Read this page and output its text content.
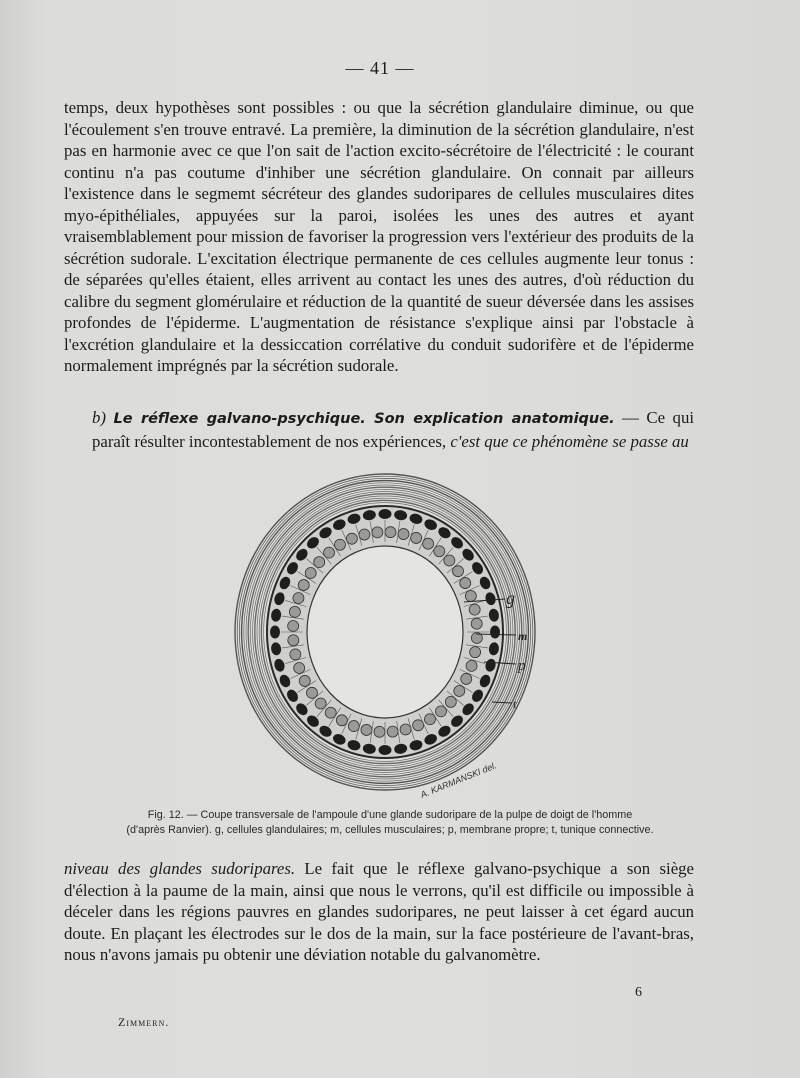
— 41 —

temps, deux hypothèses sont possibles : ou que la sécrétion glandulaire diminue, ou que l'écoulement s'en trouve entravé. La première, la diminution de la sécrétion glandulaire, n'est pas en harmonie avec ce que l'on sait de l'action excito-sécrétoire de l'électricité : le courant continu n'a pas coutume d'inhiber une sécrétion glandulaire. On connait par ailleurs l'existence dans le segmemt sécréteur des glandes sudoripares de cellules musculaires dites myo-épithéliales, appuyées sur la paroi, isolées les unes des autres et ayant vraisemblablement pour mission de favoriser la progression vers l'extérieur des produits de la sécrétion sudorale. L'excitation électrique permanente de ces cellules augmente leur tonus : de séparées qu'elles étaient, elles arrivent au contact les unes des autres, d'où réduction du calibre du segment glomérulaire et réduction de la quantité de sueur déversée dans les assises profondes de l'épiderme. L'augmentation de résistance s'explique ainsi par l'obstacle à l'excrétion glandulaire et la dessiccation corrélative du conduit sudorifère et de l'épiderme normalement imprégnés par la sécrétion sudorale.

b) Le réflexe galvano-psychique. Son explication anatomique. — Ce qui paraît résulter incontestablement de nos expériences, c'est que ce phénomène se passe au

g
m
p
t
A. KARMANSKI del.
Fig. 12. — Coupe transversale de l'ampoule d'une glande sudoripare de la pulpe de doigt de l'homme
(d'après Ranvier). g, cellules glandulaires; m, cellules musculaires; p, membrane propre; t, tunique connective.

niveau des glandes sudoripares. Le fait que le réflexe galvano-psychique a son siège d'élection à la paume de la main, ainsi que nous le verrons, qu'il est difficile ou impossible à déceler dans les régions pauvres en glandes sudoripares, ne peut laisser à cet égard aucun doute. En plaçant les électrodes sur le dos de la main, sur la face postérieure de l'avant-bras, nous n'avons jamais pu obtenir une déviation notable du galvanomètre.

Zimmern.
6
